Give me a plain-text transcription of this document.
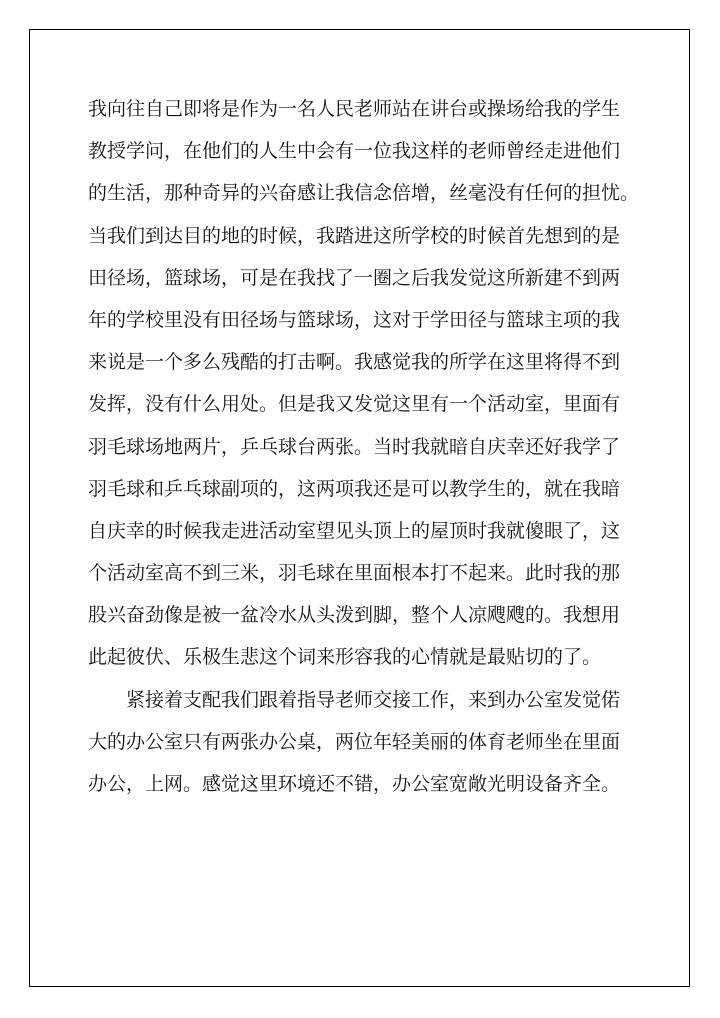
我向往自己即将是作为一名人民老师站在讲台或操场给我的学生
教授学问，在他们的人生中会有一位我这样的老师曾经走进他们
的生活，那种奇异的兴奋感让我信念倍增，丝毫没有任何的担忧。
当我们到达目的地的时候，我踏进这所学校的时候首先想到的是
田径场，篮球场，可是在我找了一圈之后我发觉这所新建不到两
年的学校里没有田径场与篮球场，这对于学田径与篮球主项的我
来说是一个多么残酷的打击啊。我感觉我的所学在这里将得不到
发挥，没有什么用处。但是我又发觉这里有一个活动室，里面有
羽毛球场地两片，乒乓球台两张。当时我就暗自庆幸还好我学了
羽毛球和乒乓球副项的，这两项我还是可以教学生的，就在我暗
自庆幸的时候我走进活动室望见头顶上的屋顶时我就傻眼了，这
个活动室高不到三米，羽毛球在里面根本打不起来。此时我的那
股兴奋劲像是被一盆冷水从头泼到脚，整个人凉飕飕的。我想用
此起彼伏、乐极生悲这个词来形容我的心情就是最贴切的了。
紧接着支配我们跟着指导老师交接工作，来到办公室发觉偌
大的办公室只有两张办公桌，两位年轻美丽的体育老师坐在里面
办公，上网。感觉这里环境还不错，办公室宽敞光明设备齐全。
